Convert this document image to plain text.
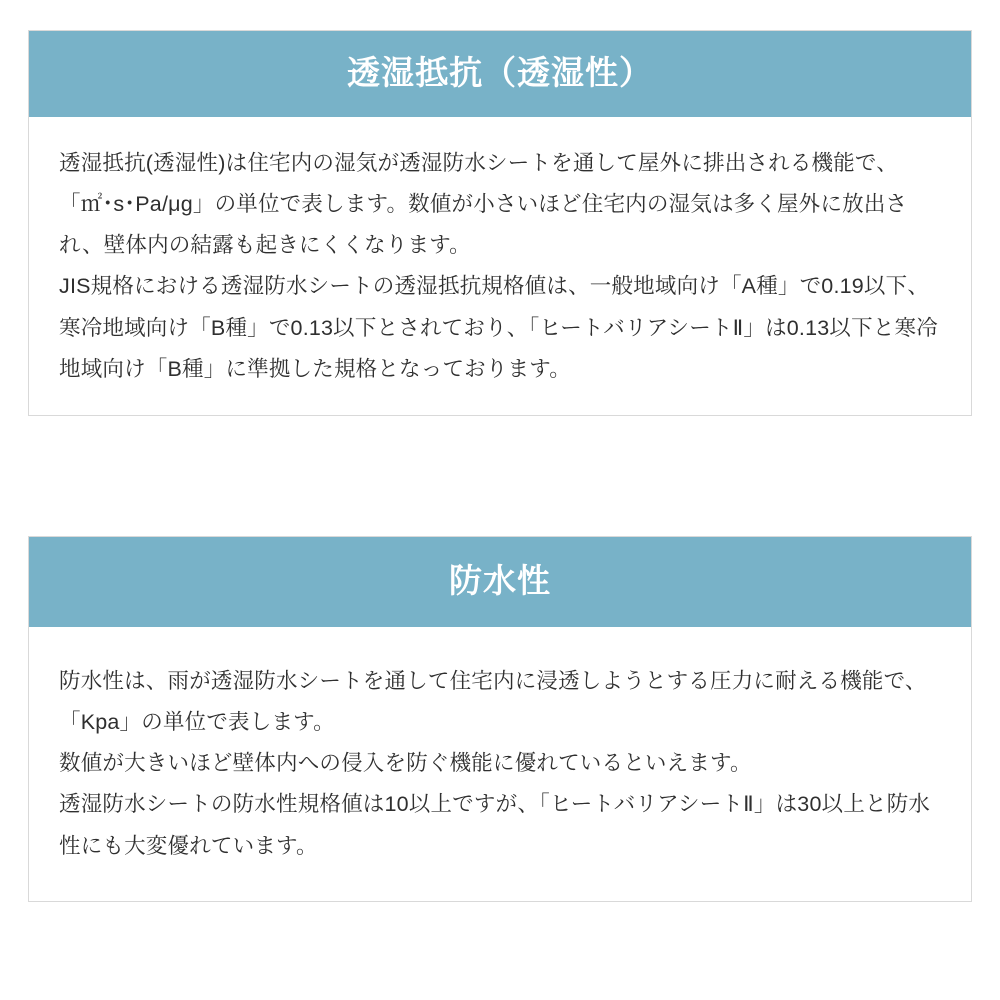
透湿抵抗（透湿性）

透湿抵抗(透湿性)は住宅内の湿気が透湿防水シートを通して屋外に排出される機能で、「㎡･s･Pa/μg」の単位で表します。数値が小さいほど住宅内の湿気は多く屋外に放出され、壁体内の結露も起きにくくなります。

JIS規格における透湿防水シートの透湿抵抗規格値は、一般地域向け「A種」で0.19以下、寒冷地域向け「B種」で0.13以下とされており、「ヒートバリアシートⅡ」は0.13以下と寒冷地域向け「B種」に準拠した規格となっております。

防水性

防水性は、雨が透湿防水シートを通して住宅内に浸透しようとする圧力に耐える機能で、「Kpa」の単位で表します。

数値が大きいほど壁体内への侵入を防ぐ機能に優れているといえます。

透湿防水シートの防水性規格値は10以上ですが、「ヒートバリアシートⅡ」は30以上と防水性にも大変優れています。
